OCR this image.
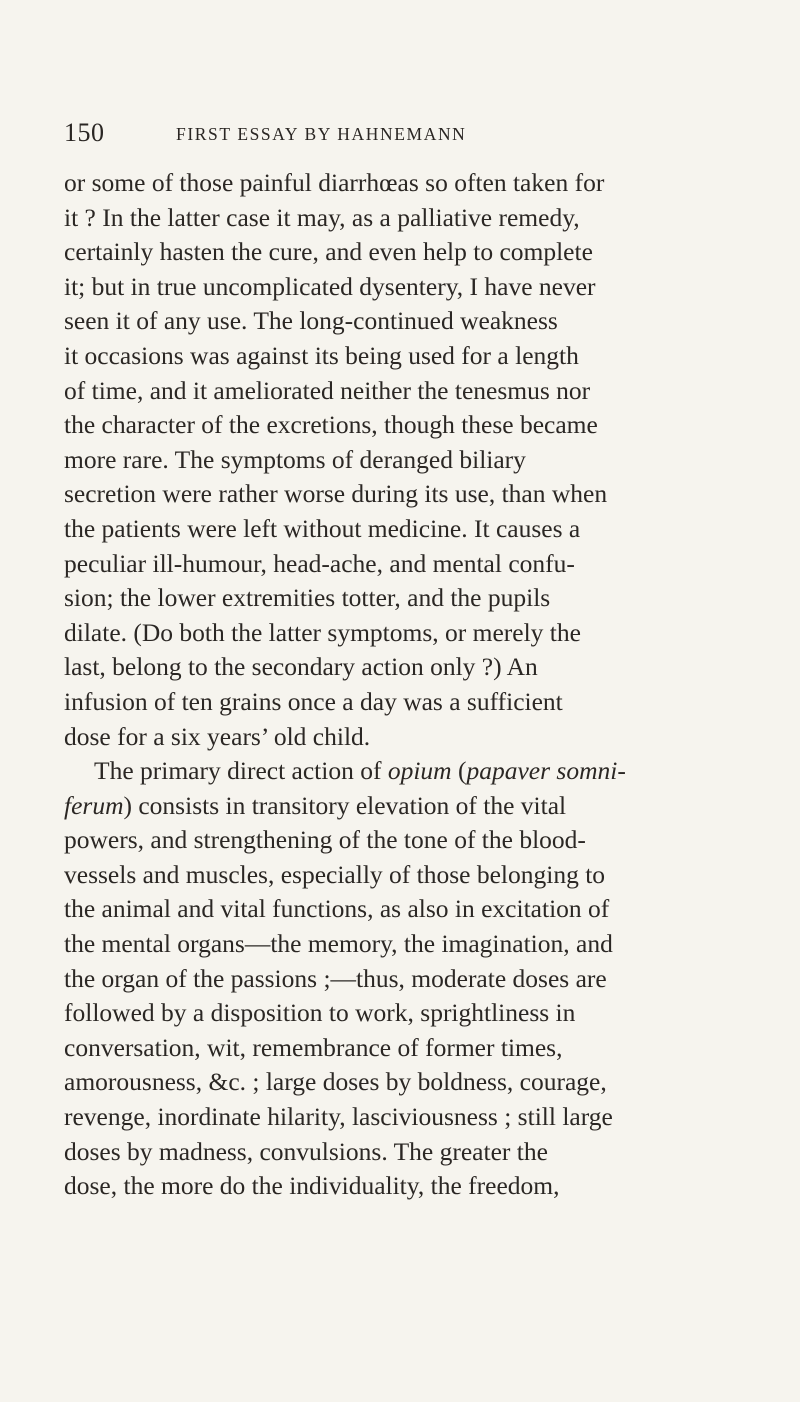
150	FIRST ESSAY BY HAHNEMANN
or some of those painful diarrhœas so often taken for
it ? In the latter case it may, as a palliative remedy,
certainly hasten the cure, and even help to complete
it; but in true uncomplicated dysentery, I have never
seen it of any use. The long-continued weakness
it occasions was against its being used for a length
of time, and it ameliorated neither the tenesmus nor
the character of the excretions, though these became
more rare. The symptoms of deranged biliary
secretion were rather worse during its use, than when
the patients were left without medicine. It causes a
peculiar ill-humour, head-ache, and mental confu-
sion; the lower extremities totter, and the pupils
dilate. (Do both the latter symptoms, or merely the
last, belong to the secondary action only ?) An
infusion of ten grains once a day was a sufficient
dose for a six years’ old child.
The primary direct action of opium (papaver somni-
ferum) consists in transitory elevation of the vital
powers, and strengthening of the tone of the blood-
vessels and muscles, especially of those belonging to
the animal and vital functions, as also in excitation of
the mental organs—the memory, the imagination, and
the organ of the passions ;—thus, moderate doses are
followed by a disposition to work, sprightliness in
conversation, wit, remembrance of former times,
amorousness, &c. ; large doses by boldness, courage,
revenge, inordinate hilarity, lasciviousness ; still large
doses by madness, convulsions. The greater the
dose, the more do the individuality, the freedom,
